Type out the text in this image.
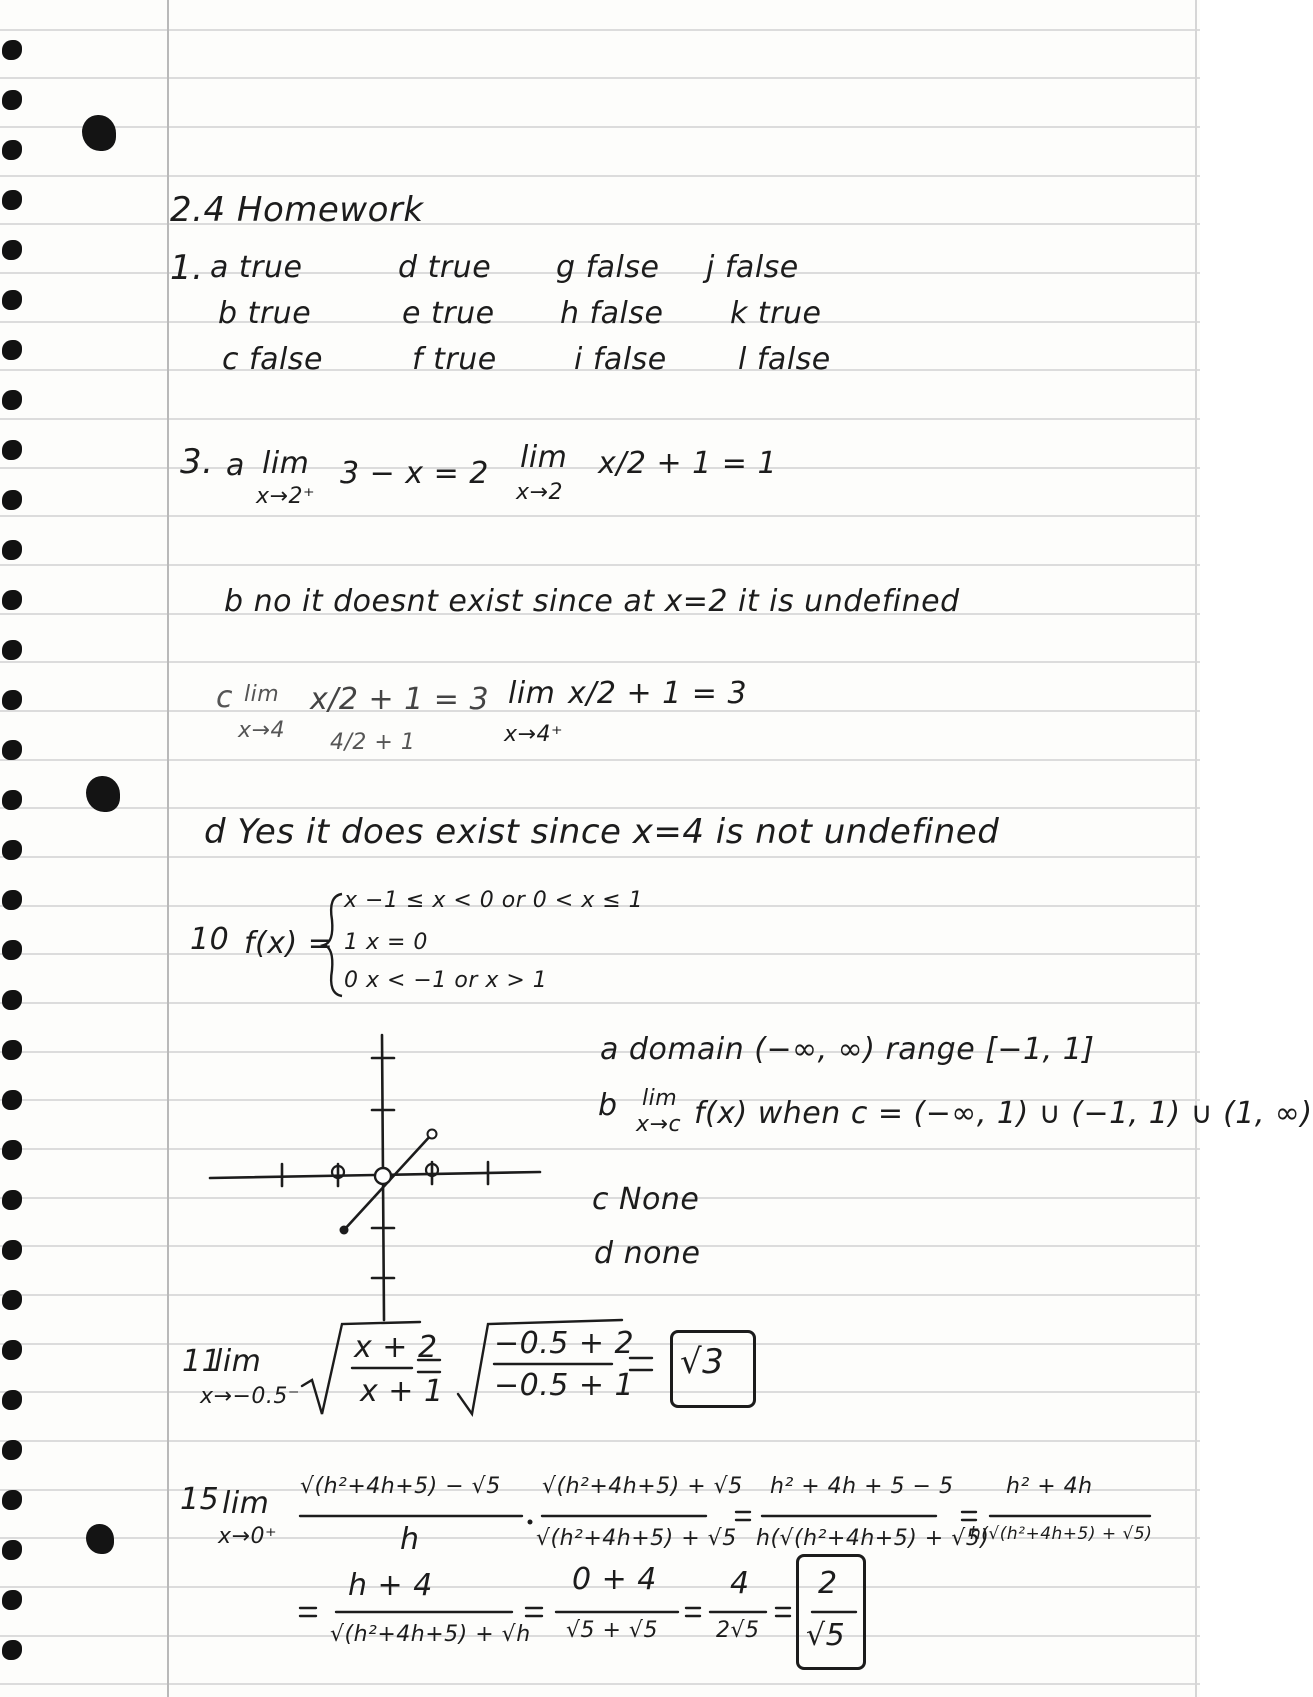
2.4 Homework
1. a true
b true
c false
d true
e true
f true
g false
h false
i false
j false
k true
l false
3. a lim
x→2⁺
3 − x = 2 lim
x→2
x/2 + 1 = 1
b no it doesnt exist since at x=2 it is undefined
c lim
x→4
x/2 + 1 = 3
4/2 + 1
lim
x→4⁺
x/2 + 1 = 3
d Yes it does exist since x=4 is not undefined
10 f(x) =
x −1 ≤ x < 0 or 0 < x ≤ 1
1 x = 0
0 x < −1 or x > 1
a domain (−∞, ∞) range [−1, 1]
b lim
x→c f(x) when c = (−∞, 1) ∪ (−1, 1) ∪ (1, ∞)
c None
d none
11
lim
x→−0.5⁻
x + 2
x + 1
−0.5 + 2
−0.5 + 1
√3
15 lim
x→0⁺
√(h²+4h+5) − √5
h
√(h²+4h+5) + √5
√(h²+4h+5) + √5
h² + 4h + 5 − 5
h(√(h²+4h+5) + √5)
h² + 4h
h(√(h²+4h+5) + √5)
h + 4
√(h²+4h+5) + √h
0 + 4
√5 + √5
4
2√5
2
√5
